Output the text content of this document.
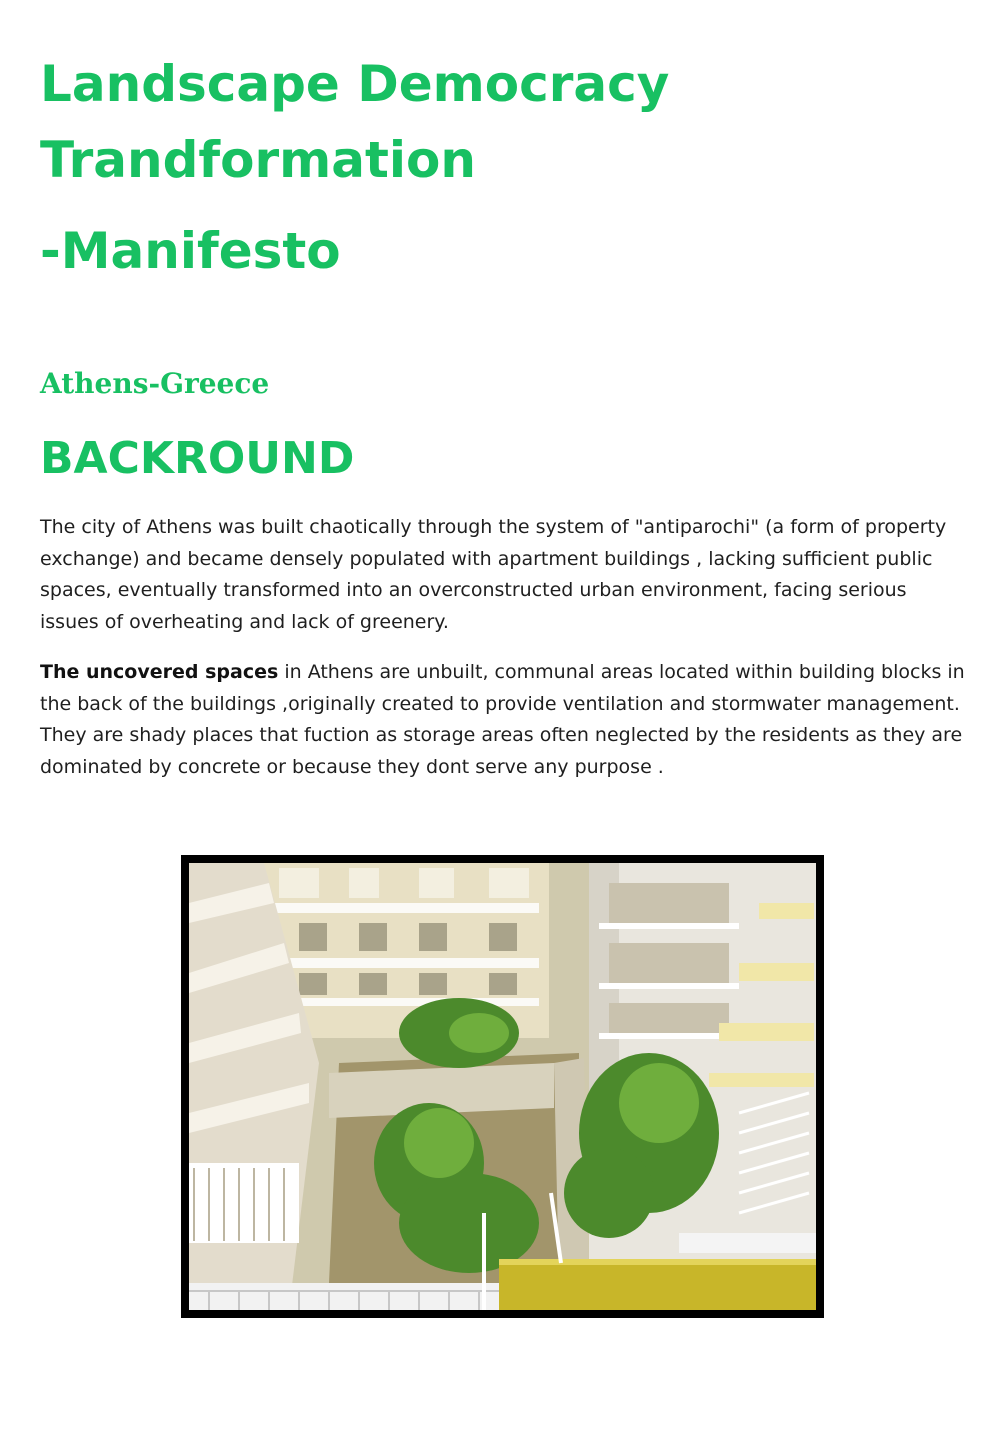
Landscape Democracy
Trandformation
-Manifesto
Athens-Greece
BACKROUND

The city of Athens was built chaotically through the system of "antiparochi" (a form of property exchange) and became densely populated with apartment buildings , lacking sufficient public spaces, eventually transformed into an overconstructed urban environment, facing serious issues of overheating and lack of greenery.

The uncovered spaces in Athens are unbuilt, communal areas located within building blocks in the back of the buildings ,originally created to provide ventilation and stormwater management. They are shady places that fuction as storage areas often neglected by the residents as they are dominated by concrete or because they dont serve any purpose .
